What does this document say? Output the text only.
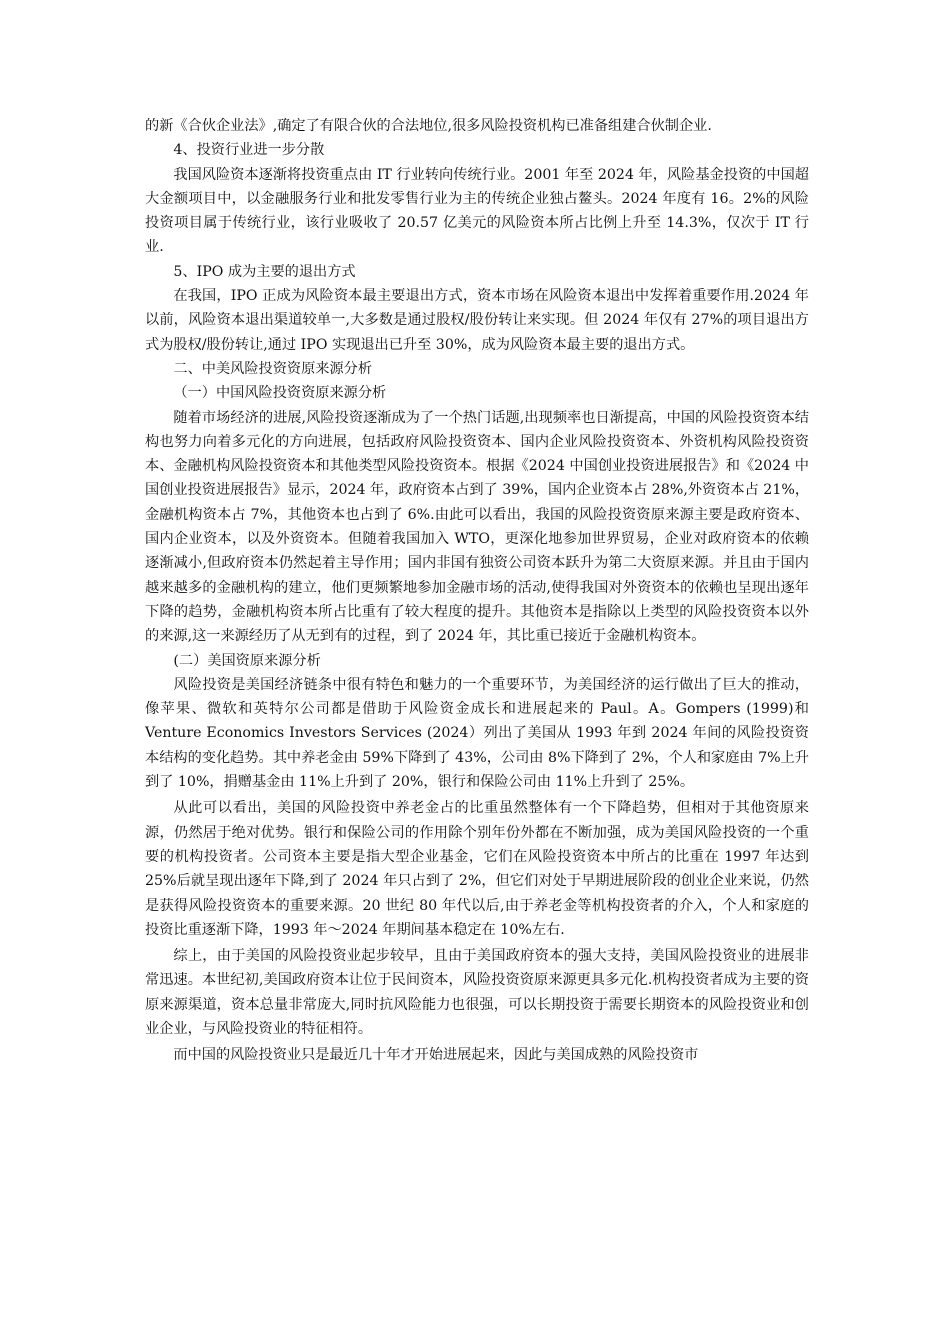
的新《合伙企业法》,确定了有限合伙的合法地位,很多风险投资机构已准备组建合伙制企业.

4、投资行业进一步分散

我国风险资本逐渐将投资重点由 IT 行业转向传统行业。2001 年至 2024 年，风险基金投资的中国超大金额项目中，以金融服务行业和批发零售行业为主的传统企业独占鳌头。2024 年度有 16。2%的风险投资项目属于传统行业，该行业吸收了 20.57 亿美元的风险资本所占比例上升至 14.3%，仅次于 IT 行业.

5、IPO 成为主要的退出方式

在我国，IPO 正成为风险资本最主要退出方式，资本市场在风险资本退出中发挥着重要作用.2024 年以前，风险资本退出渠道较单一,大多数是通过股权/股份转让来实现。但 2024 年仅有 27%的项目退出方式为股权/股份转让,通过 IPO 实现退出已升至 30%，成为风险资本最主要的退出方式。

二、中美风险投资资原来源分析

（一）中国风险投资资原来源分析

随着市场经济的进展,风险投资逐渐成为了一个热门话题,出现频率也日渐提高，中国的风险投资资本结构也努力向着多元化的方向进展，包括政府风险投资资本、国内企业风险投资资本、外资机构风险投资资本、金融机构风险投资资本和其他类型风险投资资本。根据《2024 中国创业投资进展报告》和《2024 中国创业投资进展报告》显示，2024 年，政府资本占到了 39%，国内企业资本占 28%,外资资本占 21%，金融机构资本占 7%，其他资本也占到了 6%.由此可以看出，我国的风险投资资原来源主要是政府资本、国内企业资本，以及外资资本。但随着我国加入 WTO，更深化地参加世界贸易，企业对政府资本的依赖逐渐减小,但政府资本仍然起着主导作用；国内非国有独资公司资本跃升为第二大资原来源。并且由于国内越来越多的金融机构的建立，他们更频繁地参加金融市场的活动,使得我国对外资资本的依赖也呈现出逐年下降的趋势，金融机构资本所占比重有了较大程度的提升。其他资本是指除以上类型的风险投资资本以外的来源,这一来源经历了从无到有的过程，到了 2024 年，其比重已接近于金融机构资本。

(二）美国资原来源分析

风险投资是美国经济链条中很有特色和魅力的一个重要环节，为美国经济的运行做出了巨大的推动，像苹果、微软和英特尔公司都是借助于风险资金成长和进展起来的 Paul。A。Gompers (1999)和 Venture Economics Investors Services (2024）列出了美国从 1993 年到 2024 年间的风险投资资本结构的变化趋势。其中养老金由 59%下降到了 43%，公司由 8%下降到了 2%，个人和家庭由 7%上升到了 10%，捐赠基金由 11%上升到了 20%，银行和保险公司由 11%上升到了 25%。

从此可以看出，美国的风险投资中养老金占的比重虽然整体有一个下降趋势，但相对于其他资原来源，仍然居于绝对优势。银行和保险公司的作用除个别年份外都在不断加强，成为美国风险投资的一个重要的机构投资者。公司资本主要是指大型企业基金，它们在风险投资资本中所占的比重在 1997 年达到 25%后就呈现出逐年下降,到了 2024 年只占到了 2%，但它们对处于早期进展阶段的创业企业来说，仍然是获得风险投资资本的重要来源。20 世纪 80 年代以后,由于养老金等机构投资者的介入，个人和家庭的投资比重逐渐下降，1993 年～2024 年期间基本稳定在 10%左右.

综上，由于美国的风险投资业起步较早，且由于美国政府资本的强大支持，美国风险投资业的进展非常迅速。本世纪初,美国政府资本让位于民间资本，风险投资资原来源更具多元化.机构投资者成为主要的资原来源渠道，资本总量非常庞大,同时抗风险能力也很强，可以长期投资于需要长期资本的风险投资业和创业企业，与风险投资业的特征相符。

而中国的风险投资业只是最近几十年才开始进展起来，因此与美国成熟的风险投资市
